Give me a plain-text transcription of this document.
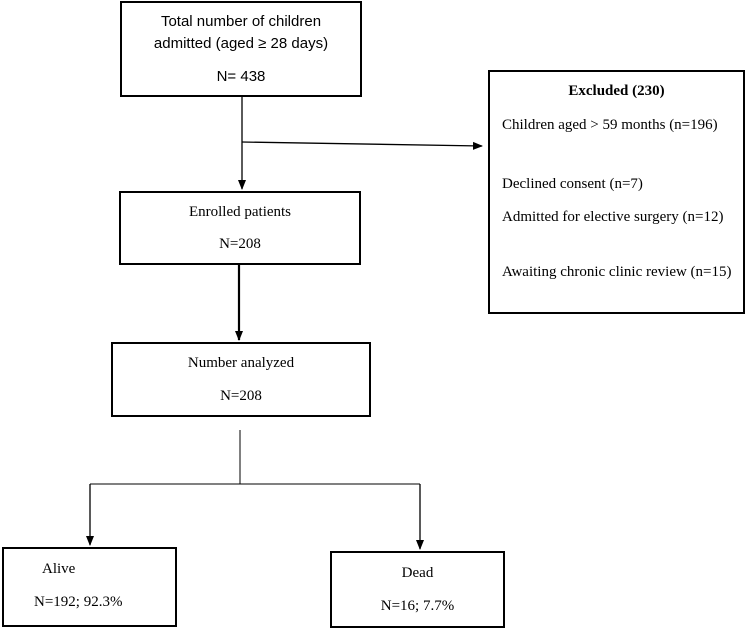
Total number of children
admitted (aged ≥ 28 days)
N= 438
Excluded (230)
Children aged > 59 months (n=196)
Declined consent (n=7)
Admitted for elective surgery (n=12)
Awaiting chronic clinic review (n=15)
Enrolled patients
N=208
Number analyzed
N=208
Alive
N=192; 92.3%
Dead
N=16; 7.7%
